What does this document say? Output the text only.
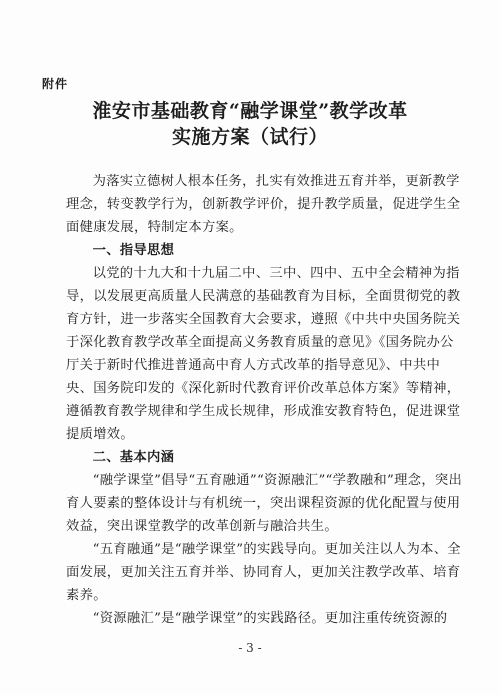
附件
淮安市基础教育“融学课堂”教学改革
实施方案（试行）

为落实立德树人根本任务，扎实有效推进五育并举，更新教学理念，转变教学行为，创新教学评价，提升教学质量，促进学生全面健康发展，特制定本方案。

一、指导思想

以党的十九大和十九届二中、三中、四中、五中全会精神为指导，以发展更高质量人民满意的基础教育为目标，全面贯彻党的教育方针，进一步落实全国教育大会要求，遵照《中共中央国务院关于深化教育教学改革全面提高义务教育质量的意见》《国务院办公厅关于新时代推进普通高中育人方式改革的指导意见》、中共中央、国务院印发的《深化新时代教育评价改革总体方案》等精神，遵循教育教学规律和学生成长规律，形成淮安教育特色，促进课堂提质增效。

二、基本内涵

“融学课堂”倡导“五育融通”“资源融汇”“学教融和”理念，突出育人要素的整体设计与有机统一，突出课程资源的优化配置与使用效益，突出课堂教学的改革创新与融洽共生。

“五育融通”是“融学课堂”的实践导向。更加关注以人为本、全面发展，更加关注五育并举、协同育人，更加关注教学改革、培育素养。

“资源融汇”是“融学课堂”的实践路径。更加注重传统资源的

- 3 -
